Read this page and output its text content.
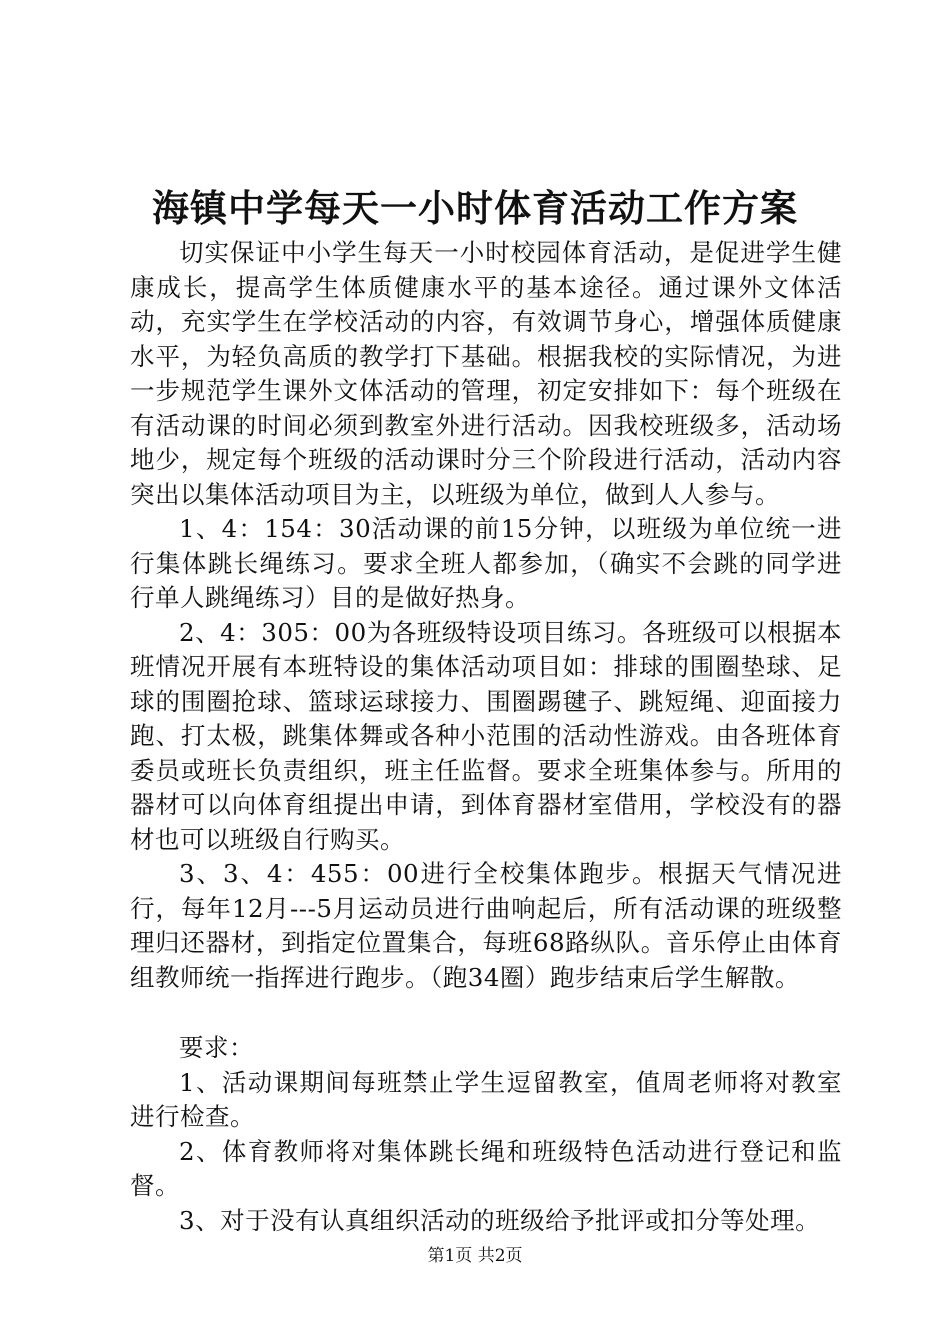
海镇中学每天一小时体育活动工作方案

切实保证中小学生每天一小时校园体育活动，是促进学生健康成长，提高学生体质健康水平的基本途径。通过课外文体活动，充实学生在学校活动的内容，有效调节身心，增强体质健康水平，为轻负高质的教学打下基础。根据我校的实际情况，为进一步规范学生课外文体活动的管理，初定安排如下：每个班级在有活动课的时间必须到教室外进行活动。因我校班级多，活动场地少，规定每个班级的活动课时分三个阶段进行活动，活动内容突出以集体活动项目为主，以班级为单位，做到人人参与。

1、4：154：30活动课的前15分钟，以班级为单位统一进行集体跳长绳练习。要求全班人都参加，（确实不会跳的同学进行单人跳绳练习）目的是做好热身。

2、4：305：00为各班级特设项目练习。各班级可以根据本班情况开展有本班特设的集体活动项目如：排球的围圈垫球、足球的围圈抢球、篮球运球接力、围圈踢毽子、跳短绳、迎面接力跑、打太极，跳集体舞或各种小范围的活动性游戏。由各班体育委员或班长负责组织，班主任监督。要求全班集体参与。所用的器材可以向体育组提出申请，到体育器材室借用，学校没有的器材也可以班级自行购买。

3、3、4：455：00进行全校集体跑步。根据天气情况进行，每年12月---5月运动员进行曲响起后，所有活动课的班级整理归还器材，到指定位置集合，每班68路纵队。音乐停止由体育组教师统一指挥进行跑步。（跑34圈）跑步结束后学生解散。

要求：

1、活动课期间每班禁止学生逗留教室，值周老师将对教室进行检查。

2、体育教师将对集体跳长绳和班级特色活动进行登记和监督。

3、对于没有认真组织活动的班级给予批评或扣分等处理。

第1页 共2页
